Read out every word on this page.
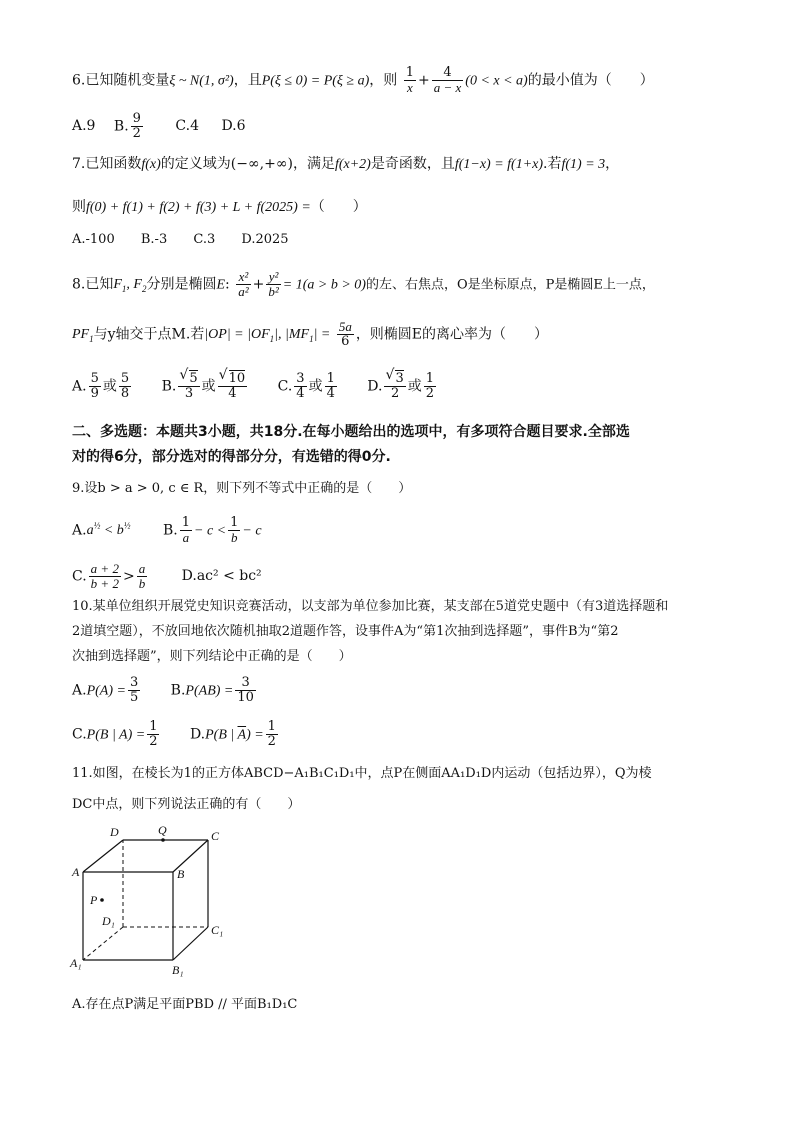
6.已知随机变量ξ ~ N(1, σ²)，且P(ξ ≤ 0) = P(ξ ≥ a)，则 $\frac{1}{x} + \frac{4}{a - x} (0 < x < a)$的最小值为（　　）
A.9 B. $\frac{9}{2} C.4$ D.6
7.已知函数f(x)的定义域为(−∞,+∞)，满足f(x+2)是奇函数，且f(1−x) = f(1+x).若f(1) = 3，
则f(0) + f(1) + f(2) + f(3) + L + f(2025) =（　　）
A.-100 B.-3 C.3 D.2025
8.已知$F_1$, $F_2$分别是椭圆E: $\frac{\text{x²}}{\text{a²}} + \frac{\text{y²}}{\text{b²}} = 1(a > b > 0)$的左、右焦点，O是坐标原点，P是椭圆E上一点，
$PF_1$与y轴交于点M.若$|OP| = |OF_1|$, $|MF_1| = \frac{5a}{6}$ ，则椭圆E的离心率为（　　）
A. $\frac{5}{9}$ 或 $\frac{5}{8} B$. √ $\frac{5}{3}$ 或 √ $\frac{10}{4} C$. $\frac{3}{4}$ 或 $\frac{1}{4} D$. √ $\frac{3}{2}$ 或 $\frac{1}{2}$
二、多选题：本题共3小题，共18分.在每小题给出的选项中，有多项符合题目要求.全部选
对的得6分，部分选对的得部分分，有选错的得0分.
9.设b > a > 0, c ∈ R，则下列不等式中正确的是（　　）
$A.a^{\frac{1}{2}} < b^{\frac{1}{2}}$ B. $\frac{1}{a} - c < \frac{1}{b} - c$
C. $\frac{a + 2}{b + 2} > \frac{a}{b} D.ac^2 < bc^2$
10.某单位组织开展党史知识竞赛活动，以支部为单位参加比赛，某支部在5道党史题中（有3道选择题和
2道填空题），不放回地依次随机抽取2道题作答，设事件A为“第1次抽到选择题”，事件B为“第2
次抽到选择题”，则下列结论中正确的是（　　）
$A.P(A) = \frac{3}{5} B.P(AB) = \frac{3}{10}$
C.P(B | $A) = \frac{1}{2} D.P(B$ | $\overline{A}) = \frac{1}{2}$
11.如图，在棱长为1的正方体ABCD−A₁B₁C₁D₁中，点P在侧面AA₁D₁D内运动（包括边界），Q为棱
DC中点，则下列说法正确的有（　　）
D	Q	C
A	B
P
D₁
C₁
A₁	B₁
A.存在点P满足平面PBD // 平面B₁D₁C
